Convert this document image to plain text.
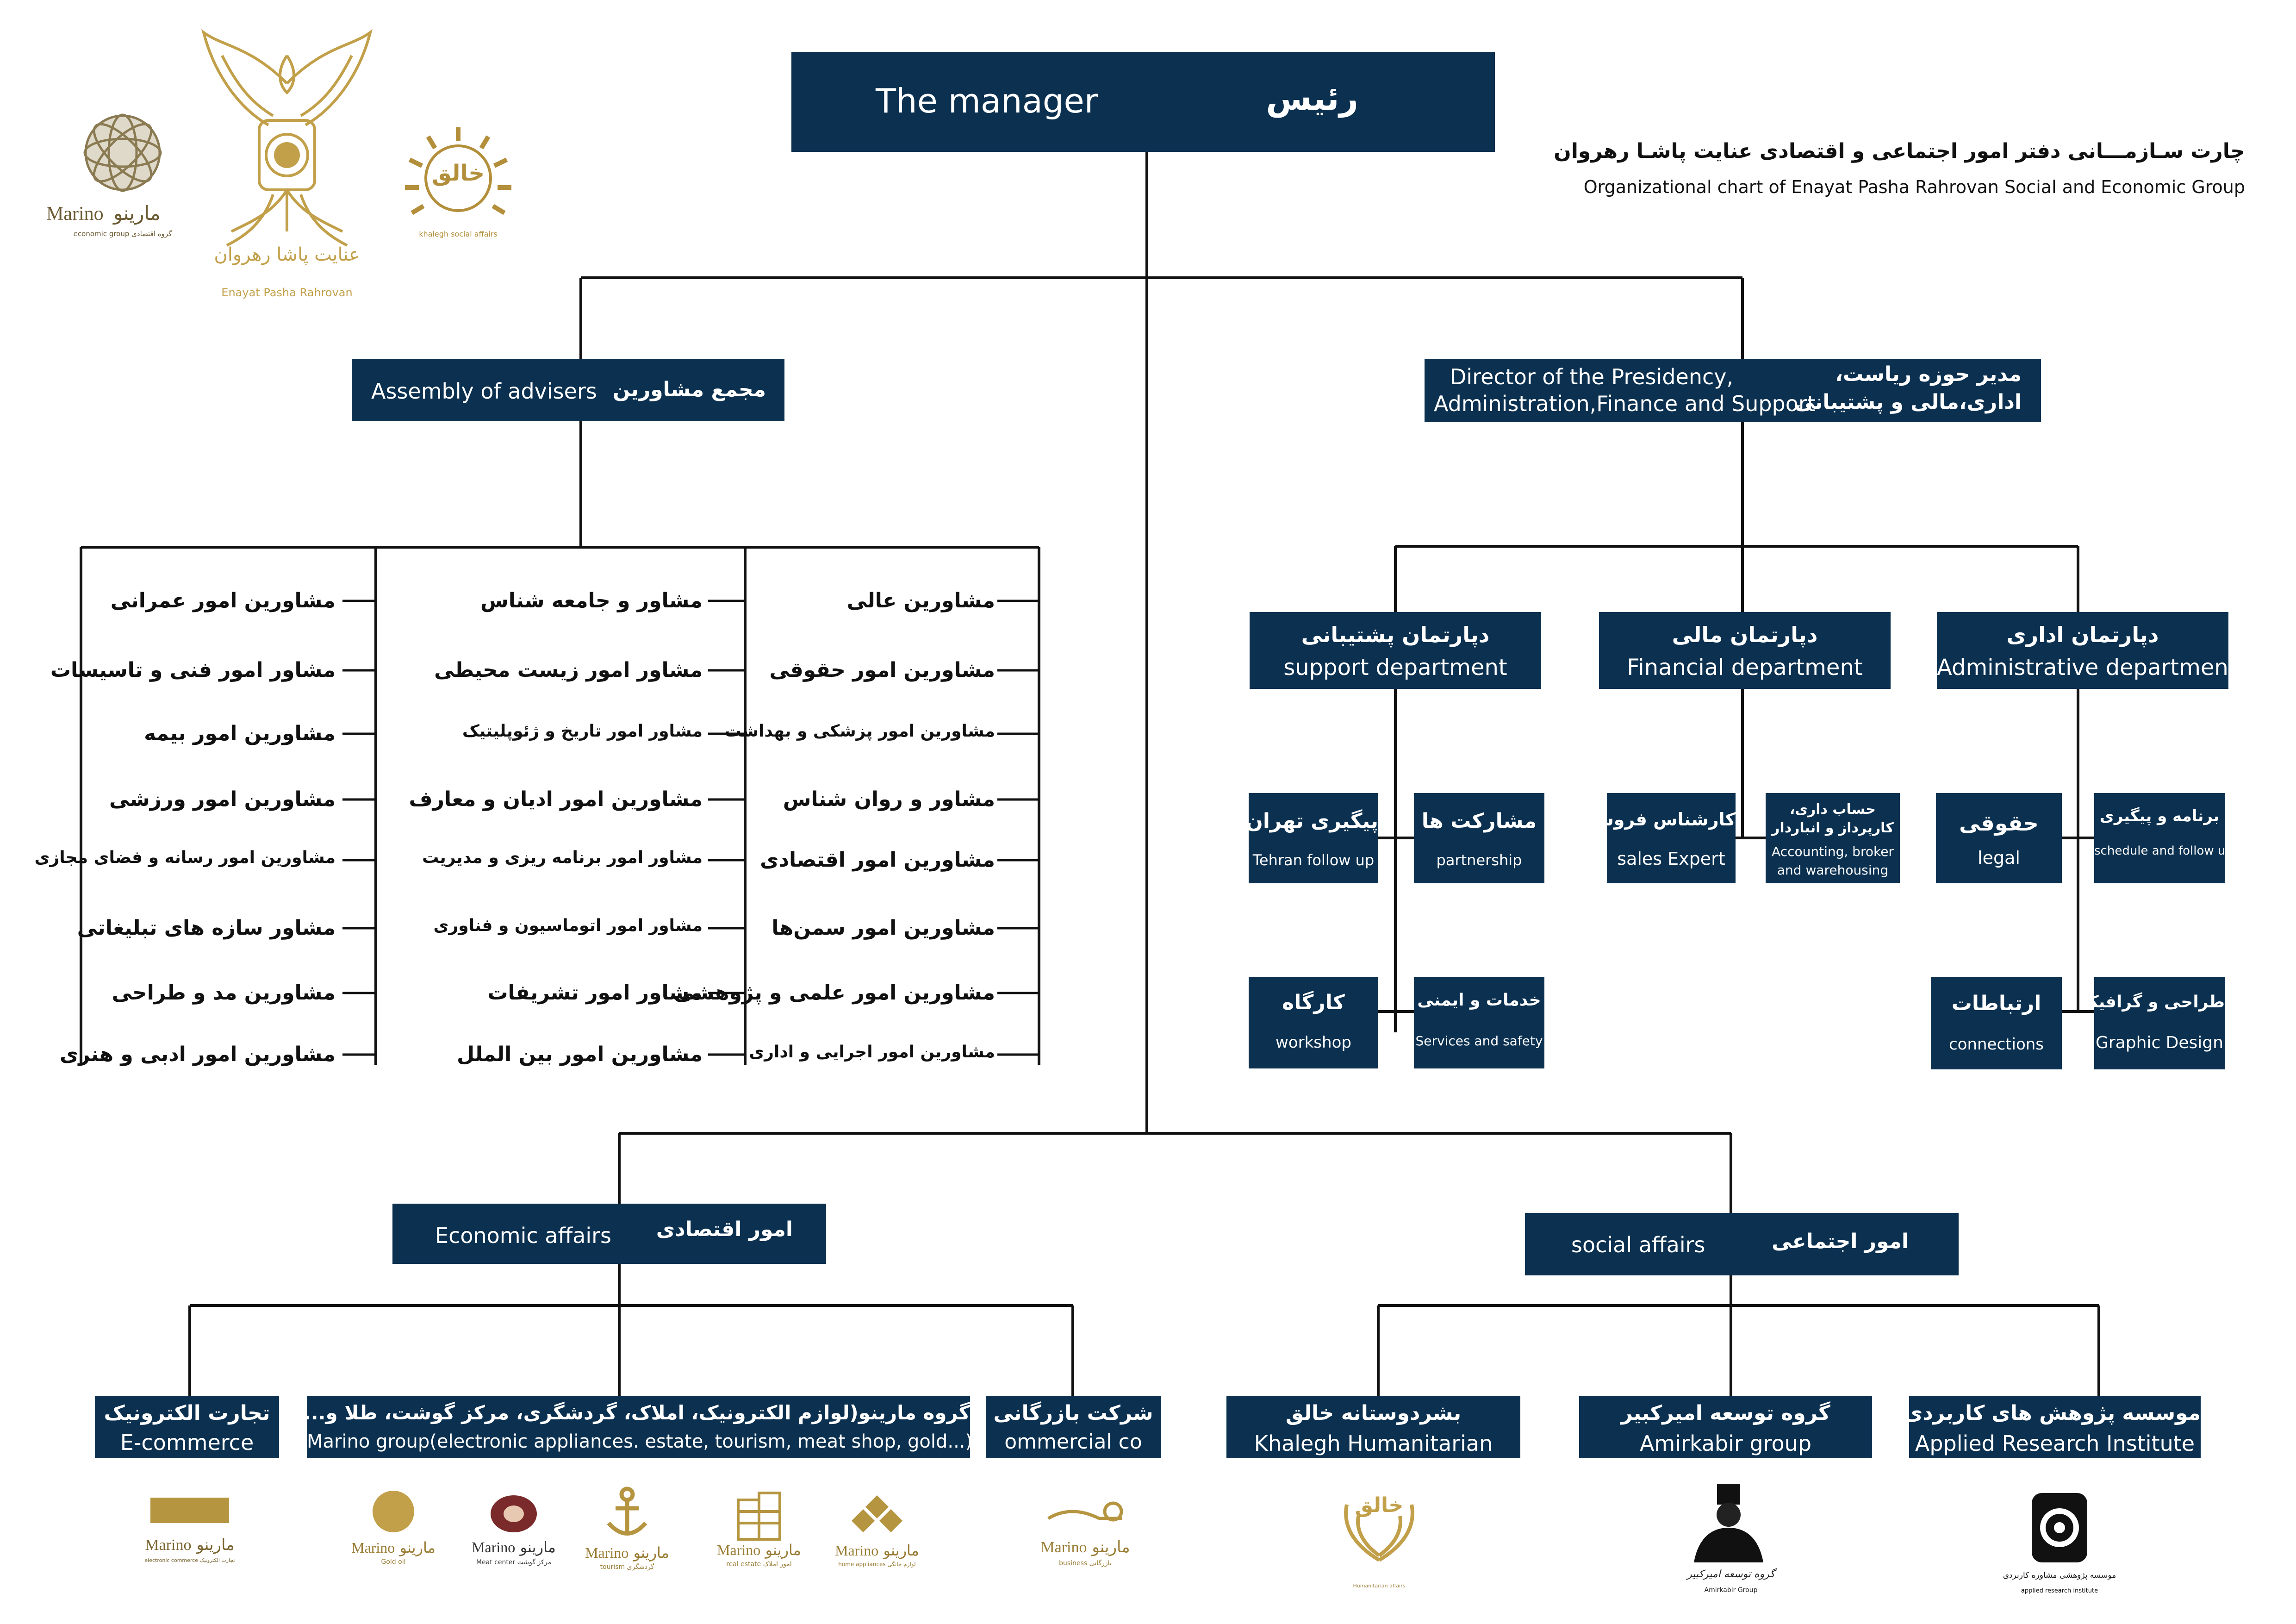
Marino مارینو
economic group گروه اقتصادی
عنایت پاشا رهروان
Enayat Pasha Rahrovan
خالق
khalegh social affairs
چارت سـازمـــانی دفتر امور اجتماعی و اقتصادی عنایت پاشـا رهروان
Organizational chart of Enayat Pasha Rahrovan Social and Economic Group
The manager	رئیس
Assembly of advisers مجمع مشاورین
مشاورین عالی
مشاورین امور حقوقی
مشاورین امور پزشکی و بهداشت
مشاور و روان شناس
مشاورین امور اقتصادی
مشاورین امور سمن‌ها
مشاورین امور علمی و پژوهشی
مشاورین امور اجرایی و اداری
مشاور و جامعه شناس
مشاور امور زیست محیطی
مشاور امور تاریخ و ژئوپلیتیک
مشاورین امور ادیان و معارف
مشاور امور برنامه ریزی و مدیریت
مشاور امور اتوماسیون و فناوری
مشاور امور تشریفات
مشاورین امور بین الملل
مشاورین امور عمرانی
مشاور امور فنی و تاسیسات
مشاورین امور بیمه
مشاورین امور ورزشی
مشاورین امور رسانه و فضای مجازی
مشاور سازه های تبلیغاتی
مشاورین مد و طراحی
مشاورین امور ادبی و هنری
Director of the Presidency,
Administration,Finance and Support
مدیر حوزه ریاست،
اداری،مالی و پشتیبانی
دپارتمان پشتیبانی
support department
دپارتمان مالی
Financial department
دپارتمان اداری
Administrative department
پیگیری تهران
Tehran follow up
مشارکت ها
partnership
کارگاه
workshop
خدمات و ایمنی
Services and safety
کارشناس فروش
sales Expert
حساب داری،
کارپرداز و انباردار
Accounting, broker
and warehousing
حقوقی
legal
برنامه و پیگیری
schedule and follow up
ارتباطات
connections
طراحی و گرافیک
Graphic Design
Economic affairs امور اقتصادی
social affairs	امور اجتماعی
تجارت الکترونیک
E-commerce
گروه مارینو(لوازم الکترونیک، املاک، گردشگری، مرکز گوشت، طلا و...
Marino group(electronic appliances. estate, tourism, meat shop, gold...)
شرکت بازرگانی
ommercial co
بشردوستانه خالق
Khalegh Humanitarian
گروه توسعه امیرکبیر
Amirkabir group
موسسه پژوهش های کاربردی
Applied Research Institute
Marino مارینو
electronic commerce تجارت الکترونیک
Marino مارینو
Gold oil
Marino مارینو
Meat center مرکز گوشت
Marino مارینو
tourism گردشگری
Marino مارینو
real estate امور املاک
Marino مارینو
home appliances لوازم خانگی
Marino مارینو
business بازرگانی
خالق
Humanitarian affairs
گروه توسعه امیرکبیر
Amirkabir Group
موسسه پژوهشی مشاوره کاربردی
applied research institute
